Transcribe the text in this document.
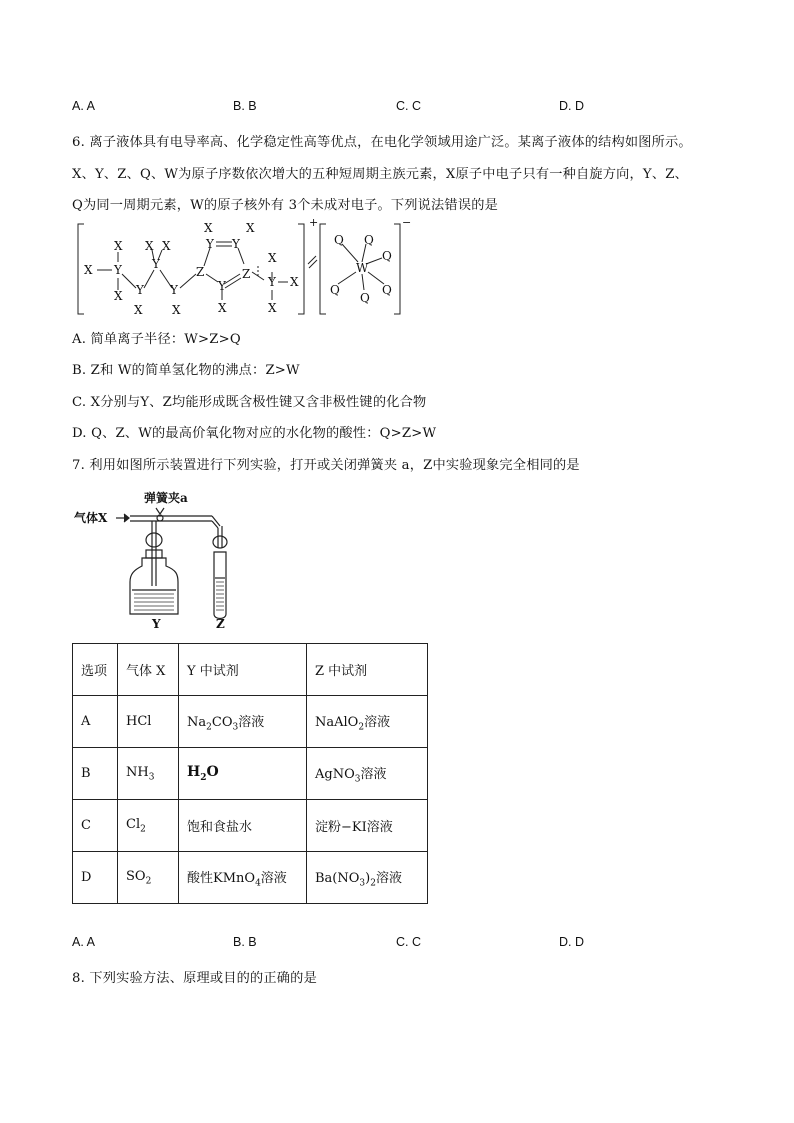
A. A	B. B	C. C	D. D
6. 离子液体具有电导率高、化学稳定性高等优点，在电化学领域用途广泛。某离子液体的结构如图所示。
X、Y、Z、Q、W为原子序数依次增大的五种短周期主族元素，X原子中电子只有一种自旋方向，Y、Z、
Q为同一周期元素，W的原子核外有 3个未成对电子。下列说法错误的是
+	−
X Y
X
X Y
X
Y
X X
Y
X
Z
Y Y
X	X
Y
X
Z
Y
X
X
X
W
Q Q
Q
Q
Q
Q
A. 简单离子半径：W>Z>Q
B. Z和 W的简单氢化物的沸点：Z>W
C. X分别与Y、Z均能形成既含极性键又含非极性键的化合物
D. Q、Z、W的最高价氧化物对应的水化物的酸性：Q>Z>W
7. 利用如图所示装置进行下列实验，打开或关闭弹簧夹 a，Z中实验现象完全相同的是
弹簧夹a
气体X
Y	Z
选项	气体 X	Y 中试剂	Z 中试剂
A	HCl	$Na_2CO_3$溶液	NaAlO$_2$溶液
B	$NH_3$	$H_2O$	AgNO$_3$溶液
C	$Cl_2$	饱和食盐水	淀粉−KI溶液
D	$SO_2$	酸性KMnO$_4$溶液	$Ba(NO_3)_2$溶液
A. A	B. B	C. C	D. D
8. 下列实验方法、原理或目的的正确的是
